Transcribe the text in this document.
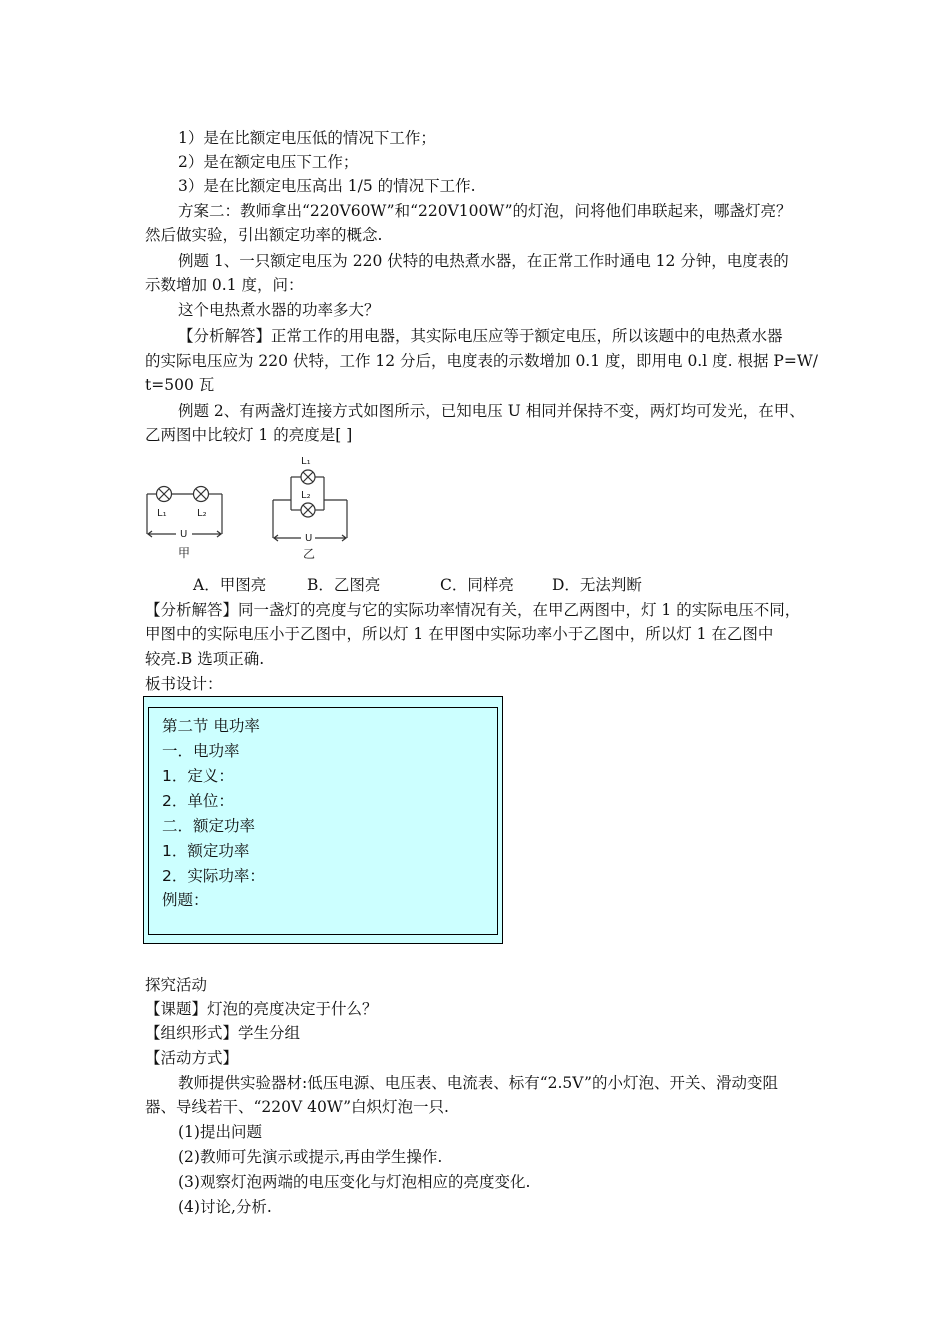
1）是在比额定电压低的情况下工作；
2）是在额定电压下工作；
3）是在比额定电压高出 1/5 的情况下工作.
方案二：教师拿出“220V60W”和“220V100W”的灯泡，问将他们串联起来，哪盏灯亮？
然后做实验，引出额定功率的概念.
例题 1、一只额定电压为 220 伏特的电热煮水器，在正常工作时通电 12 分钟，电度表的
示数增加 0.1 度，问：
这个电热煮水器的功率多大？
【分析解答】正常工作的用电器，其实际电压应等于额定电压，所以该题中的电热煮水器
的实际电压应为 220 伏特，工作 12 分后，电度表的示数增加 0.1 度，即用电 0.l 度. 根据 P=W/
t=500 瓦
例题 2、有两盏灯连接方式如图所示，已知电压 U 相同并保持不变，两灯均可发光，在甲、
乙两图中比较灯 1 的亮度是[ ]
L₁	L₂
U
甲
L₁
L₂
U
乙
A．甲图亮	B．乙图亮	C．同样亮 D．无法判断
【分析解答】同一盏灯的亮度与它的实际功率情况有关，在甲乙两图中，灯 1 的实际电压不同，
甲图中的实际电压小于乙图中，所以灯 1 在甲图中实际功率小于乙图中，所以灯 1 在乙图中
较亮.B 选项正确.
板书设计：
第二节 电功率
一．电功率
1．定义：
2．单位：
二．额定功率
1．额定功率
2．实际功率：
例题：
探究活动
【课题】灯泡的亮度决定于什么？
【组织形式】学生分组
【活动方式】
教师提供实验器材:低压电源、电压表、电流表、标有“2.5V”的小灯泡、开关、滑动变阻
器、导线若干、“220V 40W”白炽灯泡一只.
(1)提出问题
(2)教师可先演示或提示,再由学生操作.
(3)观察灯泡两端的电压变化与灯泡相应的亮度变化.
(4)讨论,分析.
